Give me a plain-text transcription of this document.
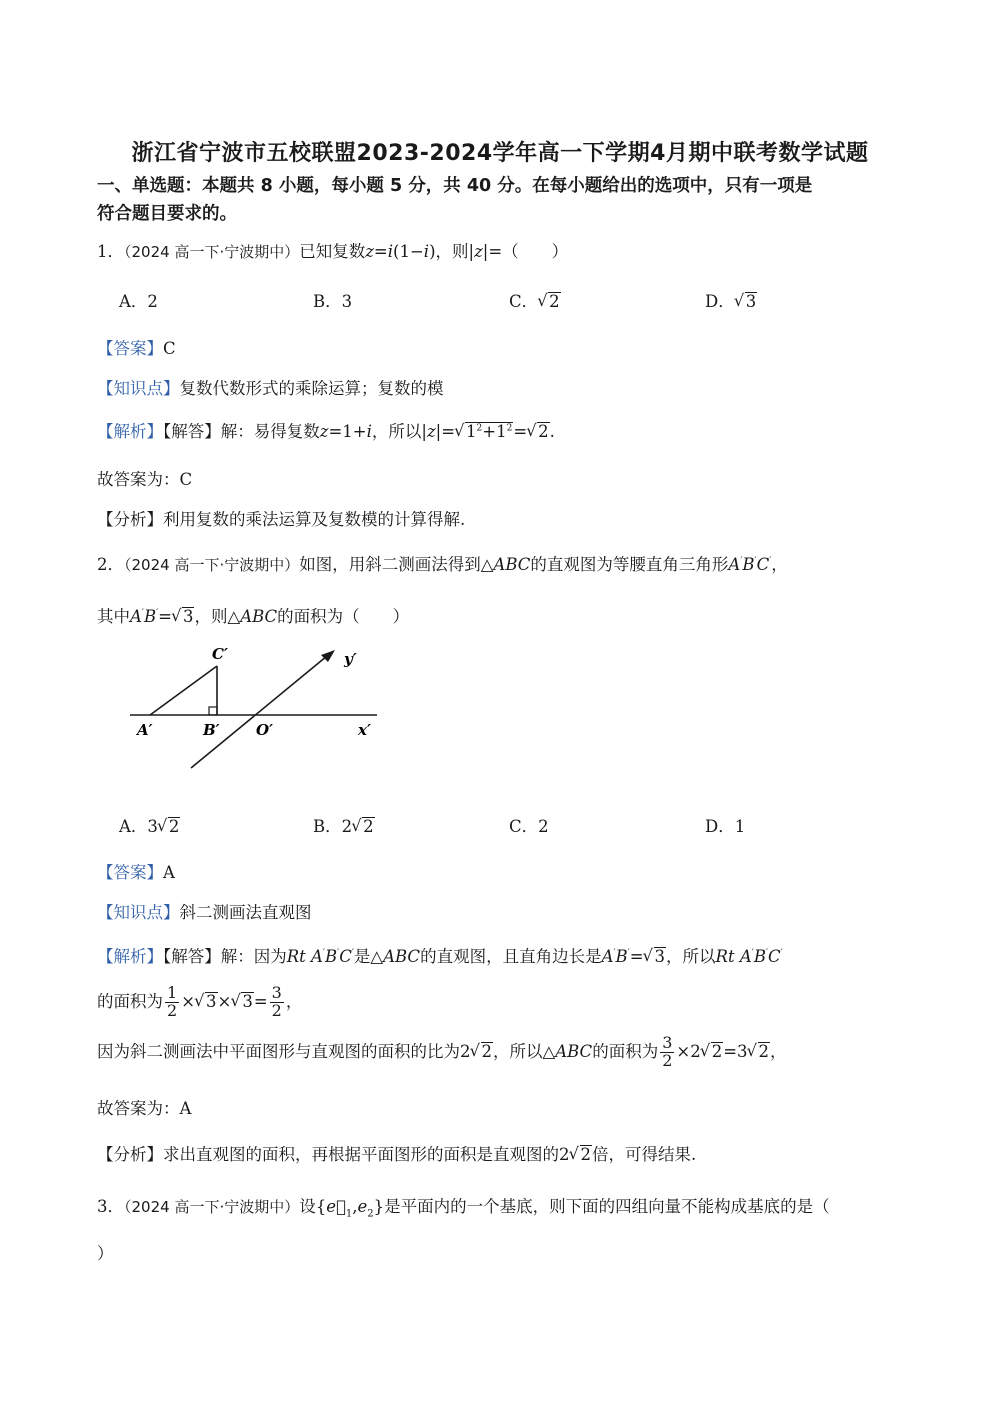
浙江省宁波市五校联盟2023-2024学年高一下学期4月期中联考数学试题
一、单选题：本题共 8 小题，每小题 5 分，共 40 分。在每小题给出的选项中，只有一项是
符合题目要求的。
1．（2024 高一下·宁波期中）已知复数z=i(1−i)，则|z|=（　　）
A．2	B．3	C．√ 2	D．√ 3
【答案】C
【知识点】复数代数形式的乘除运算；复数的模
【解析】【解答】解：易得复数z=1+i，所以|z|=√ $1^2+1^2=√$ 2.
故答案为：C
【分析】利用复数的乘法运算及复数模的计算得解.
2．（2024 高一下·宁波期中）如图，用斜二测画法得到△ABC的直观图为等腰直角三角形A′B′C′，
其中A′B′=√ 3，则△ABC的面积为（　　）
C′	y′
A′	B′ O′	x′
A．3√ 2	B．2√ 2	C．2	D．1
【答案】A
【知识点】斜二测画法直观图
【解析】【解答】解：因为Rt A′B′C′是△ABC的直观图，且直角边长是A′B′=√ 3，所以Rt A′B′C′
的面积为 $\frac{1}{2}$ ×√ 3×√ $3= \frac{3}{2}$ ，
因为斜二测画法中平面图形与直观图的面积的比为2√ 2，所以△ABC的面积为 $\frac{3}{2} \times 2√$ 2=3√ 2，
故答案为：A
【分析】求出直观图的面积，再根据平面图形的面积是直观图的2√ 2倍，可得结果.
3．（2024 高一下·宁波期中）设$\{e⃗_1,e_2\}$是平面内的一个基底，则下面的四组向量不能构成基底的是（
）
